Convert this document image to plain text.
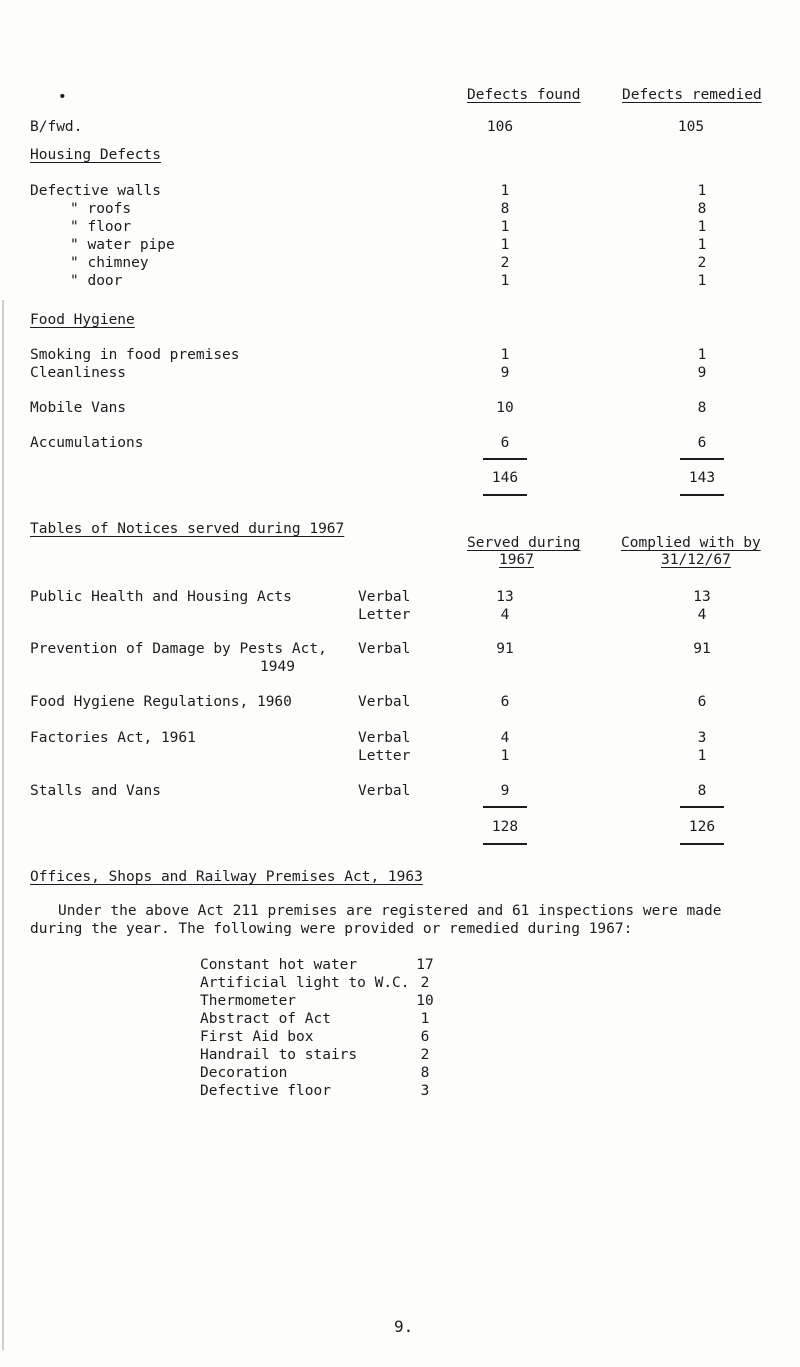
•	Defects found	Defects remedied
B/fwd.	106	105
Housing Defects
Defective walls	1	1
" roofs	8	8
" floor	1	1
" water pipe	1	1
" chimney	2	2
" door	1	1
Food Hygiene
Smoking in food premises	1	1
Cleanliness	9	9
Mobile Vans	10	8
Accumulations	6	6
146	143
Tables of Notices served during 1967
Served during
1967
Complied with by
31/12/67
Public Health and Housing Acts	Verbal	13	13
Letter	4	4
Prevention of Damage by Pests Act,
1949
Verbal	91	91
Food Hygiene Regulations, 1960	Verbal	6	6
Factories Act, 1961	Verbal	4	3
Letter	1	1
Stalls and Vans	Verbal	9	8
128	126
Offices, Shops and Railway Premises Act, 1963
Under the above Act 211 premises are registered and 61 inspections were made
during the year. The following were provided or remedied during 1967:
Constant hot water	17
Artificial light to W.C. 2
Thermometer	10
Abstract of Act	1
First Aid box	6
Handrail to stairs	2
Decoration	8
Defective floor	3
9.
